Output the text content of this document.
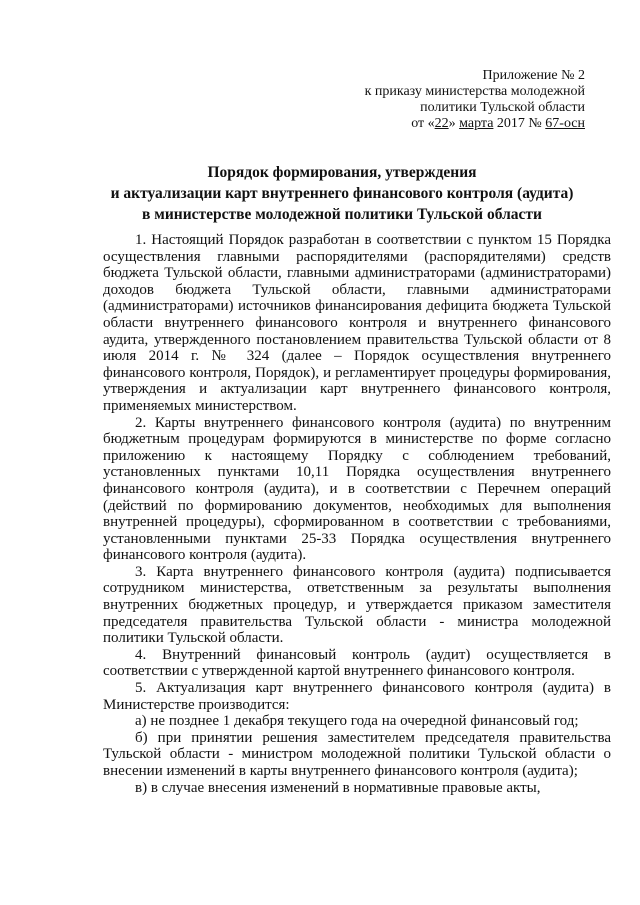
Приложение № 2
к приказу министерства молодежной
политики Тульской области
от «22» марта 2017 № 67-осн
Порядок формирования, утверждения
и актуализации карт внутреннего финансового контроля (аудита)
в министерстве молодежной политики Тульской области

1. Настоящий Порядок разработан в соответствии с пунктом 15 Порядка осуществления главными распорядителями (распорядителями) средств бюджета Тульской области, главными администраторами (администраторами) доходов бюджета Тульской области, главными администраторами (администраторами) источников финансирования дефицита бюджета Тульской области внутреннего финансового контроля и внутреннего финансового аудита, утвержденного постановлением правительства Тульской области от 8 июля 2014 г. № 324 (далее – Порядок осуществления внутреннего финансового контроля, Порядок), и регламентирует процедуры формирования, утверждения и актуализации карт внутреннего финансового контроля, применяемых министерством.

2. Карты внутреннего финансового контроля (аудита) по внутренним бюджетным процедурам формируются в министерстве по форме согласно приложению к настоящему Порядку с соблюдением требований, установленных пунктами 10,11 Порядка осуществления внутреннего финансового контроля (аудита), и в соответствии с Перечнем операций (действий по формированию документов, необходимых для выполнения внутренней процедуры), сформированном в соответствии с требованиями, установленными пунктами 25-33 Порядка осуществления внутреннего финансового контроля (аудита).

3. Карта внутреннего финансового контроля (аудита) подписывается сотрудником министерства, ответственным за результаты выполнения внутренних бюджетных процедур, и утверждается приказом заместителя председателя правительства Тульской области - министра молодежной политики Тульской области.

4. Внутренний финансовый контроль (аудит) осуществляется в соответствии с утвержденной картой внутреннего финансового контроля.

5. Актуализация карт внутреннего финансового контроля (аудита) в Министерстве производится:

а) не позднее 1 декабря текущего года на очередной финансовый год;

б) при принятии решения заместителем председателя правительства Тульской области - министром молодежной политики Тульской области о внесении изменений в карты внутреннего финансового контроля (аудита);

в) в случае внесения изменений в нормативные правовые акты,
